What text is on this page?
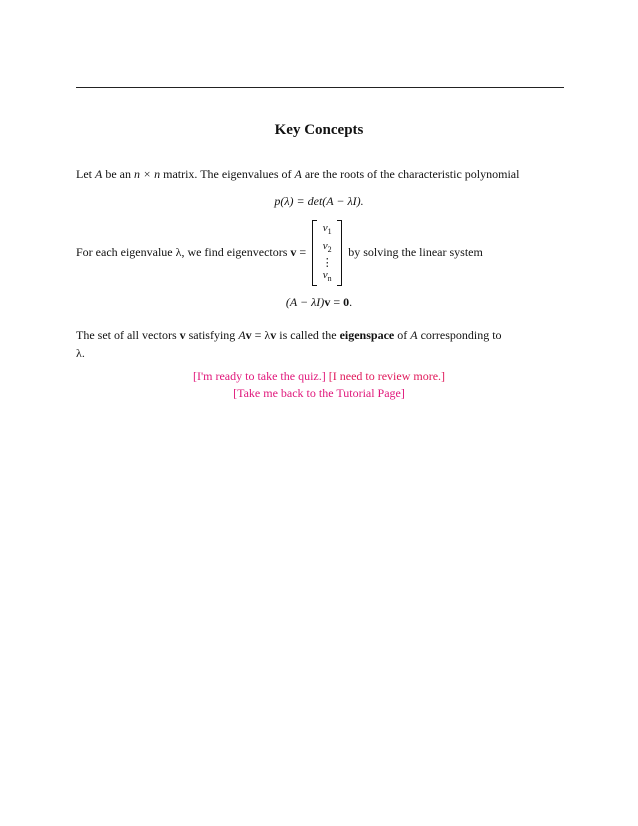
Key Concepts
Let A be an n × n matrix. The eigenvalues of A are the roots of the characteristic polynomial
p(λ) = det(A − λI).
For each eigenvalue λ, we find eigenvectors v =
$v_1$
$v_2$
⋮
$v_n$
by solving the linear system
(A − λI)v = 0.
The set of all vectors v satisfying Av = λv is called the eigenspace of A corresponding to
λ.
[I'm ready to take the quiz.] [I need to review more.]
[Take me back to the Tutorial Page]
